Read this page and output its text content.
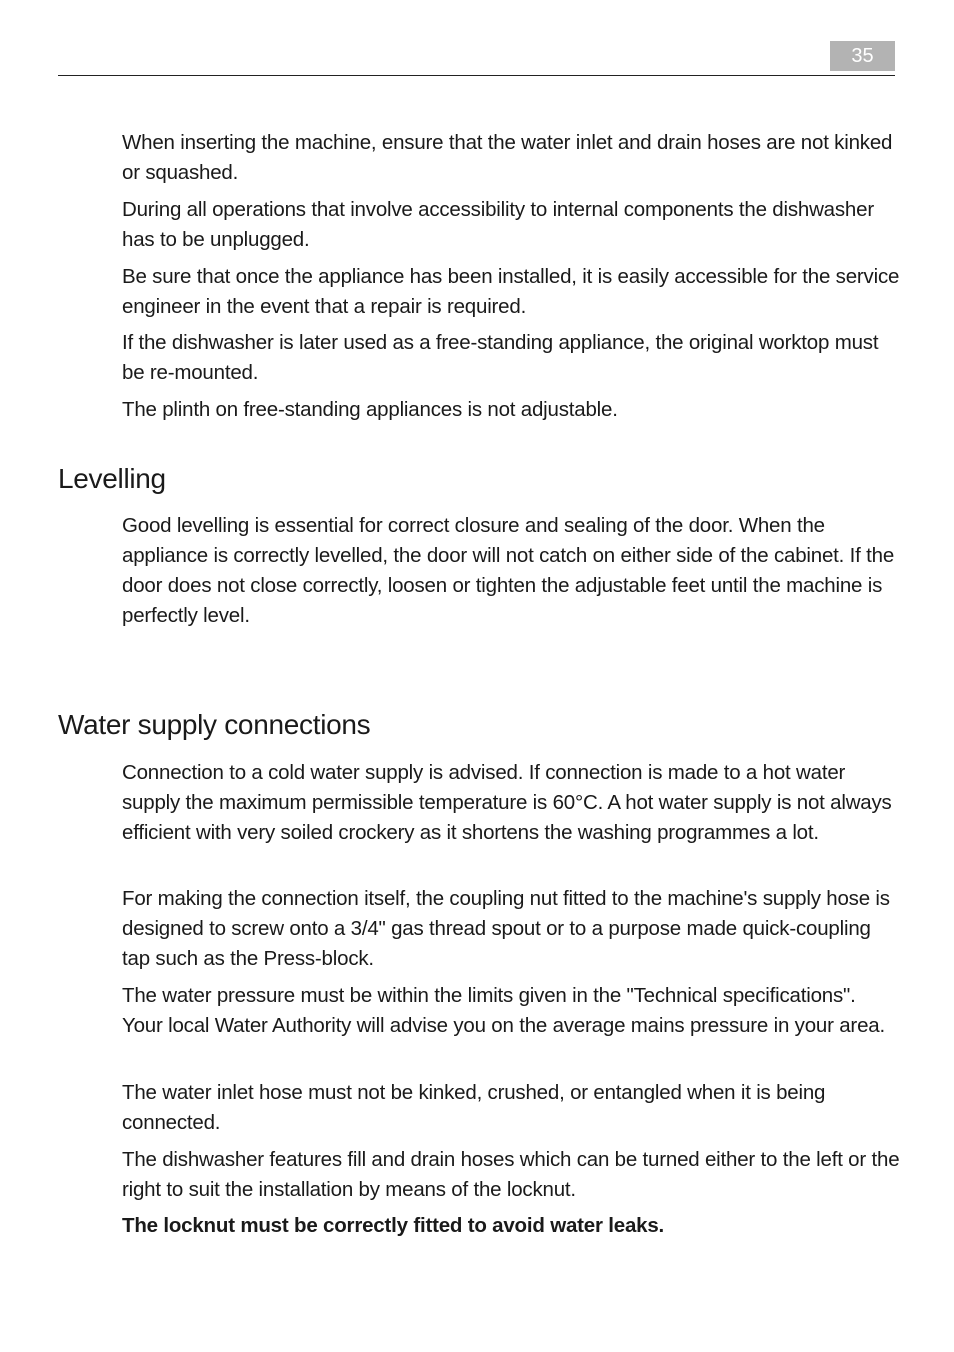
35

When inserting the machine, ensure that the water inlet and drain hoses are not kinked or squashed.

During all operations that involve accessibility to internal components the dishwasher has to be unplugged.

Be sure that once the appliance has been installed, it is easily accessible for the service engineer in the event that a repair is required.

If the dishwasher is later used as a free-standing appliance, the original worktop must be re-mounted.

The plinth on free-standing appliances is not adjustable.

Levelling

Good levelling is essential for correct closure and sealing of the door. When the appliance is correctly levelled, the door will not catch on either side of the cabinet. If the door does not close correctly, loosen or tighten the adjustable feet until the machine is perfectly level.

Water supply connections

Connection to a cold water supply is advised. If connection is made to a hot water supply the maximum permissible temperature is 60°C. A hot water supply is not always efficient with very soiled crockery as it shortens the washing programmes a lot.

For making the connection itself, the coupling nut fitted to the machine's supply hose is designed to screw onto a 3/4" gas thread spout or to a purpose made quick-coupling tap such as the Press-block.

The water pressure must be within the limits given in the "Technical specifications". Your local Water Authority will advise you on the average mains pressure in your area.

The water inlet hose must not be kinked, crushed, or entangled when it is being connected.

The dishwasher features fill and drain hoses which can be turned either to the left or the right to suit the installation by means of the locknut.

The locknut must be correctly fitted to avoid water leaks.
